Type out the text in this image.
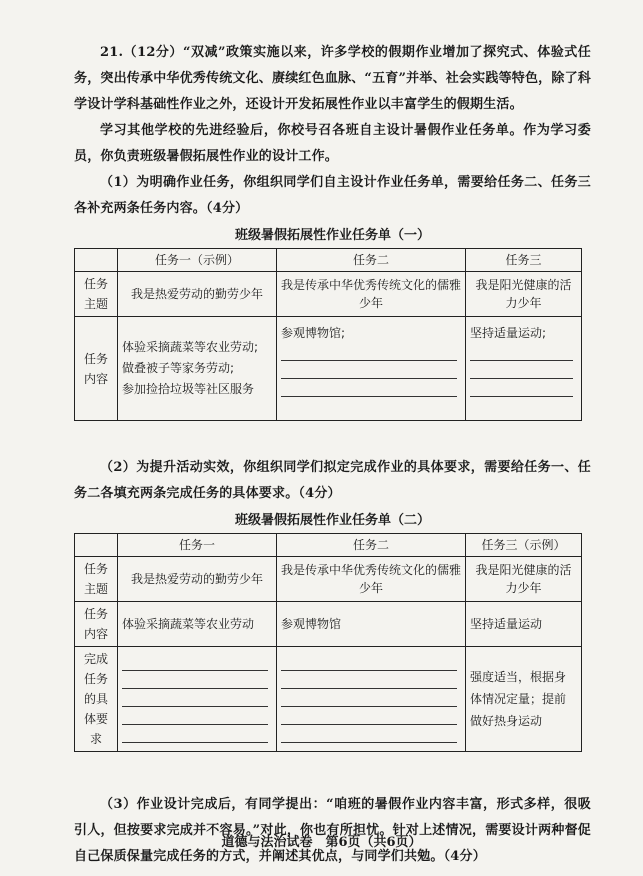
21.（12分）“双减”政策实施以来，许多学校的假期作业增加了探究式、体验式任务，突出传承中华优秀传统文化、赓续红色血脉、“五育”并举、社会实践等特色，除了科学设计学科基础性作业之外，还设计开发拓展性作业以丰富学生的假期生活。

学习其他学校的先进经验后，你校号召各班自主设计暑假作业任务单。作为学习委员，你负责班级暑假拓展性作业的设计工作。

（1）为明确作业任务，你组织同学们自主设计作业任务单，需要给任务二、任务三各补充两条任务内容。（4分）

班级暑假拓展性作业任务单（一）
	任务一（示例）	任务二	任务三
任务主题	我是热爱劳动的勤劳少年	我是传承中华优秀传统文化的儒雅少年	我是阳光健康的活力少年
任务内容	体验采摘蔬菜等农业劳动;
做叠被子等家务劳动;
参加捡拾垃圾等社区服务	参观博物馆;	坚持适量运动;

（2）为提升活动实效，你组织同学们拟定完成作业的具体要求，需要给任务一、任务二各填充两条完成任务的具体要求。（4分）

班级暑假拓展性作业任务单（二）
	任务一	任务二	任务三（示例）
任务主题	我是热爱劳动的勤劳少年	我是传承中华优秀传统文化的儒雅少年	我是阳光健康的活力少年
任务内容	体验采摘蔬菜等农业劳动	参观博物馆	坚持适量运动
完成任务的具体要求			强度适当，根据身体情况定量；提前做好热身运动

（3）作业设计完成后，有同学提出：“咱班的暑假作业内容丰富，形式多样，很吸引人，但按要求完成并不容易。”对此，你也有所担忧。针对上述情况，需要设计两种督促自己保质保量完成任务的方式，并阐述其优点，与同学们共勉。（4分）

道德与法治试卷　第6页（共6页）
